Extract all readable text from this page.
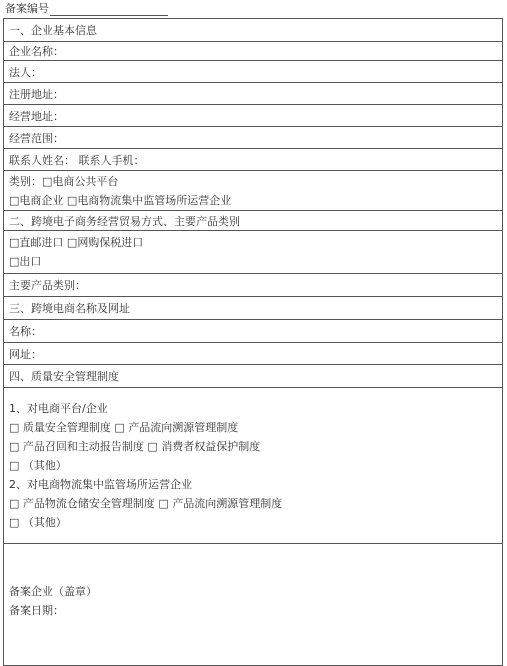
备案编号
一、企业基本信息
企业名称：
法人：
注册地址：
经营地址：
经营范围：
联系人姓名： 联系人手机：

类别：□电商公共平台
□电商企业 □电商物流集中监管场所运营企业

二、跨境电子商务经营贸易方式、主要产品类别

□直邮进口 □网购保税进口
□出口

主要产品类别：
三、跨境电商名称及网址
名称：
网址：
四、质量安全管理制度

1、对电商平台/企业
□ 质量安全管理制度 □ 产品流向溯源管理制度
□ 产品召回和主动报告制度 □ 消费者权益保护制度
□ （其他）
2、对电商物流集中监管场所运营企业
□ 产品物流仓储安全管理制度 □ 产品流向溯源管理制度
□ （其他）

备案企业（盖章）
备案日期：
